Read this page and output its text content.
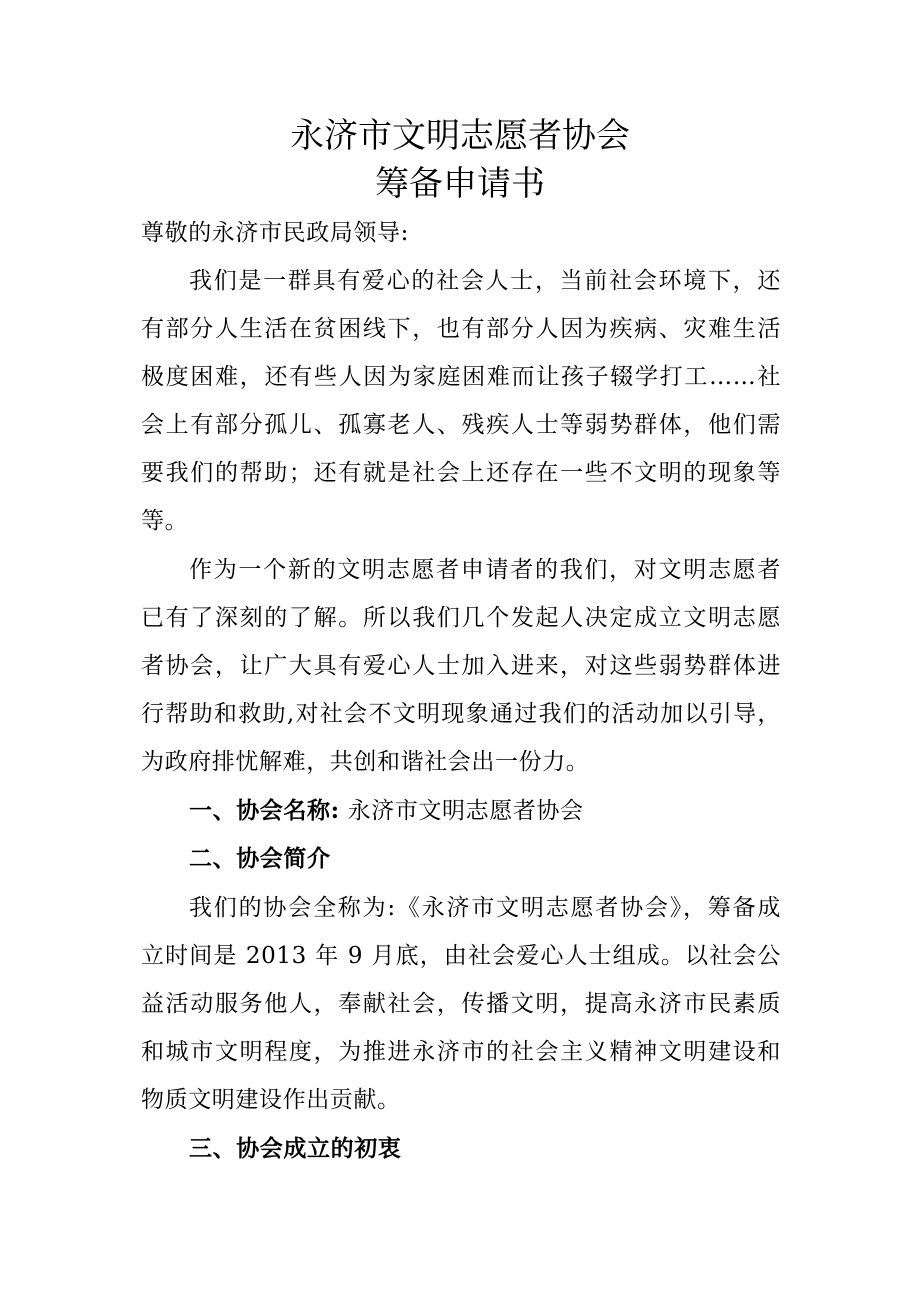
永济市文明志愿者协会
筹备申请书
尊敬的永济市民政局领导:
我们是一群具有爱心的社会人士，当前社会环境下，还
有部分人生活在贫困线下，也有部分人因为疾病、灾难生活
极度困难，还有些人因为家庭困难而让孩子辍学打工……社
会上有部分孤儿、孤寡老人、残疾人士等弱势群体，他们需
要我们的帮助；还有就是社会上还存在一些不文明的现象等
等。
作为一个新的文明志愿者申请者的我们，对文明志愿者
已有了深刻的了解。所以我们几个发起人决定成立文明志愿
者协会，让广大具有爱心人士加入进来，对这些弱势群体进
行帮助和救助,对社会不文明现象通过我们的活动加以引导，
为政府排忧解难，共创和谐社会出一份力。
一、协会名称: 永济市文明志愿者协会
二、协会简介
我们的协会全称为:《永济市文明志愿者协会》，筹备成
立时间是 2013 年 9 月底，由社会爱心人士组成。以社会公
益活动服务他人，奉献社会，传播文明，提高永济市民素质
和城市文明程度，为推进永济市的社会主义精神文明建设和
物质文明建设作出贡献。
三、协会成立的初衷
